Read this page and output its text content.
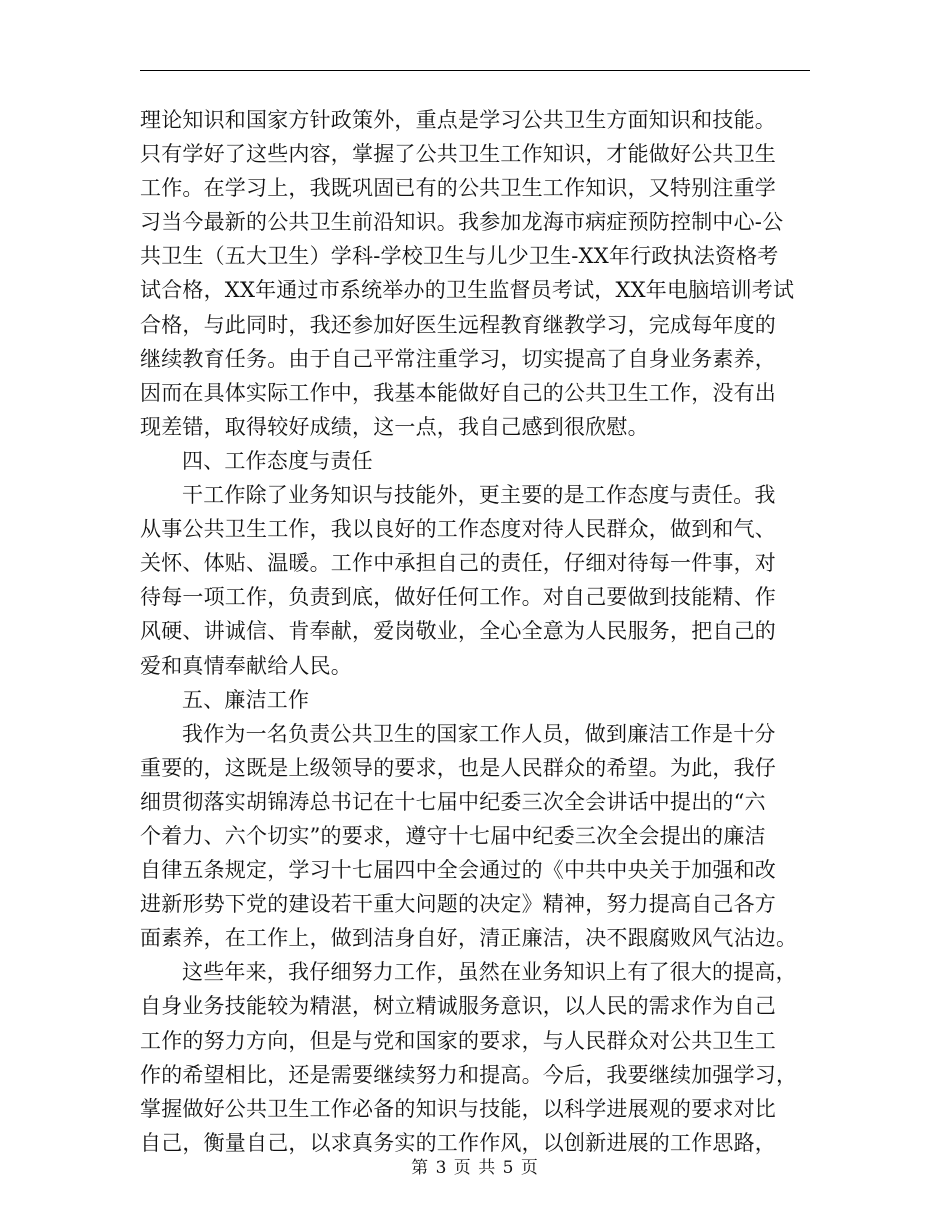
理论知识和国家方针政策外，重点是学习公共卫生方面知识和技能。
只有学好了这些内容，掌握了公共卫生工作知识，才能做好公共卫生
工作。在学习上，我既巩固已有的公共卫生工作知识，又特别注重学
习当今最新的公共卫生前沿知识。我参加龙海市病症预防控制中心-公
共卫生（五大卫生）学科-学校卫生与儿少卫生-XX年行政执法资格考
试合格，XX年通过市系统举办的卫生监督员考试，XX年电脑培训考试
合格，与此同时，我还参加好医生远程教育继教学习，完成每年度的
继续教育任务。由于自己平常注重学习，切实提高了自身业务素养，
因而在具体实际工作中，我基本能做好自己的公共卫生工作，没有出
现差错，取得较好成绩，这一点，我自己感到很欣慰。
四、工作态度与责任
干工作除了业务知识与技能外，更主要的是工作态度与责任。我
从事公共卫生工作，我以良好的工作态度对待人民群众，做到和气、
关怀、体贴、温暖。工作中承担自己的责任，仔细对待每一件事，对
待每一项工作，负责到底，做好任何工作。对自己要做到技能精、作
风硬、讲诚信、肯奉献，爱岗敬业，全心全意为人民服务，把自己的
爱和真情奉献给人民。
五、廉洁工作
我作为一名负责公共卫生的国家工作人员，做到廉洁工作是十分
重要的，这既是上级领导的要求，也是人民群众的希望。为此，我仔
细贯彻落实胡锦涛总书记在十七届中纪委三次全会讲话中提出的“六
个着力、六个切实”的要求，遵守十七届中纪委三次全会提出的廉洁
自律五条规定，学习十七届四中全会通过的《中共中央关于加强和改
进新形势下党的建设若干重大问题的决定》精神，努力提高自己各方
面素养，在工作上，做到洁身自好，清正廉洁，决不跟腐败风气沾边。
这些年来，我仔细努力工作，虽然在业务知识上有了很大的提高，
自身业务技能较为精湛，树立精诚服务意识，以人民的需求作为自己
工作的努力方向，但是与党和国家的要求，与人民群众对公共卫生工
作的希望相比，还是需要继续努力和提高。今后，我要继续加强学习，
掌握做好公共卫生工作必备的知识与技能，以科学进展观的要求对比
自己，衡量自己，以求真务实的工作作风，以创新进展的工作思路，
第 3 页 共 5 页
